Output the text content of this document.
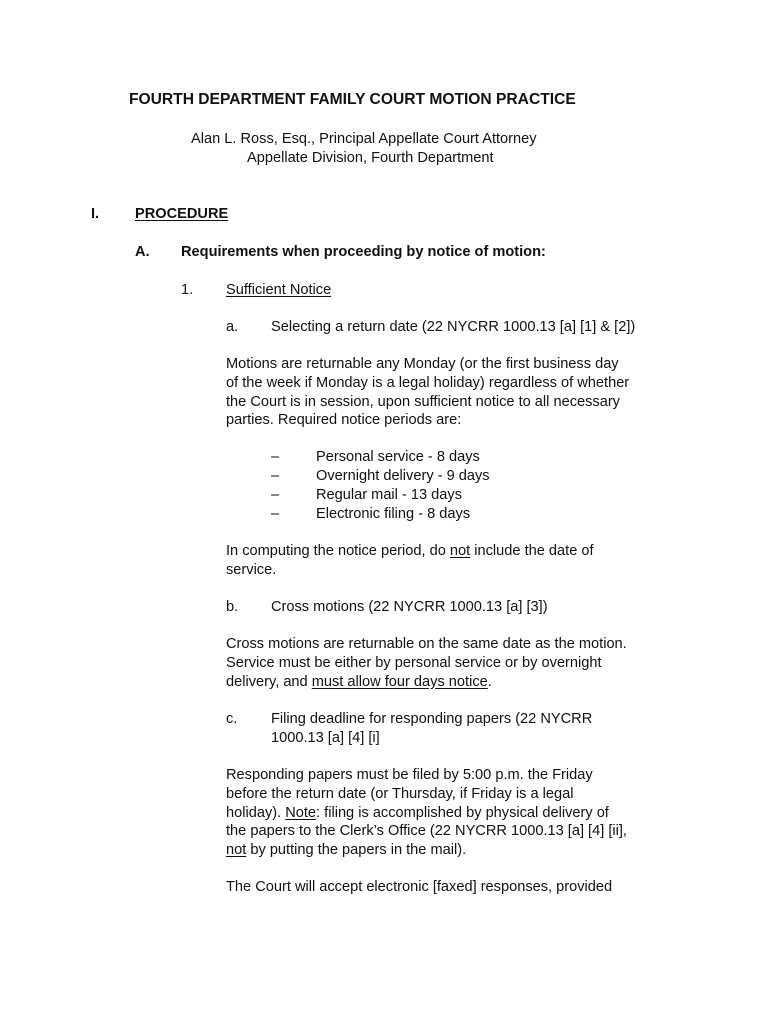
FOURTH DEPARTMENT FAMILY COURT MOTION PRACTICE
Alan L. Ross, Esq., Principal Appellate Court Attorney
Appellate Division, Fourth Department
I. PROCEDURE
A. Requirements when proceeding by notice of motion:
1. Sufficient Notice
a. Selecting a return date (22 NYCRR 1000.13 [a] [1] & [2])
Motions are returnable any Monday (or the first business day
of the week if Monday is a legal holiday) regardless of whether
the Court is in session, upon sufficient notice to all necessary
parties. Required notice periods are:
–	Personal service - 8 days
–	Overnight delivery - 9 days
–	Regular mail - 13 days
–	Electronic filing - 8 days
In computing the notice period, do not include the date of
service.
b. Cross motions (22 NYCRR 1000.13 [a] [3])
Cross motions are returnable on the same date as the motion.
Service must be either by personal service or by overnight
delivery, and must allow four days notice.
c. Filing deadline for responding papers (22 NYCRR
1000.13 [a] [4] [i]
Responding papers must be filed by 5:00 p.m. the Friday
before the return date (or Thursday, if Friday is a legal
holiday). Note: filing is accomplished by physical delivery of
the papers to the Clerk’s Office (22 NYCRR 1000.13 [a] [4] [ii],
not by putting the papers in the mail).
The Court will accept electronic [faxed] responses, provided
